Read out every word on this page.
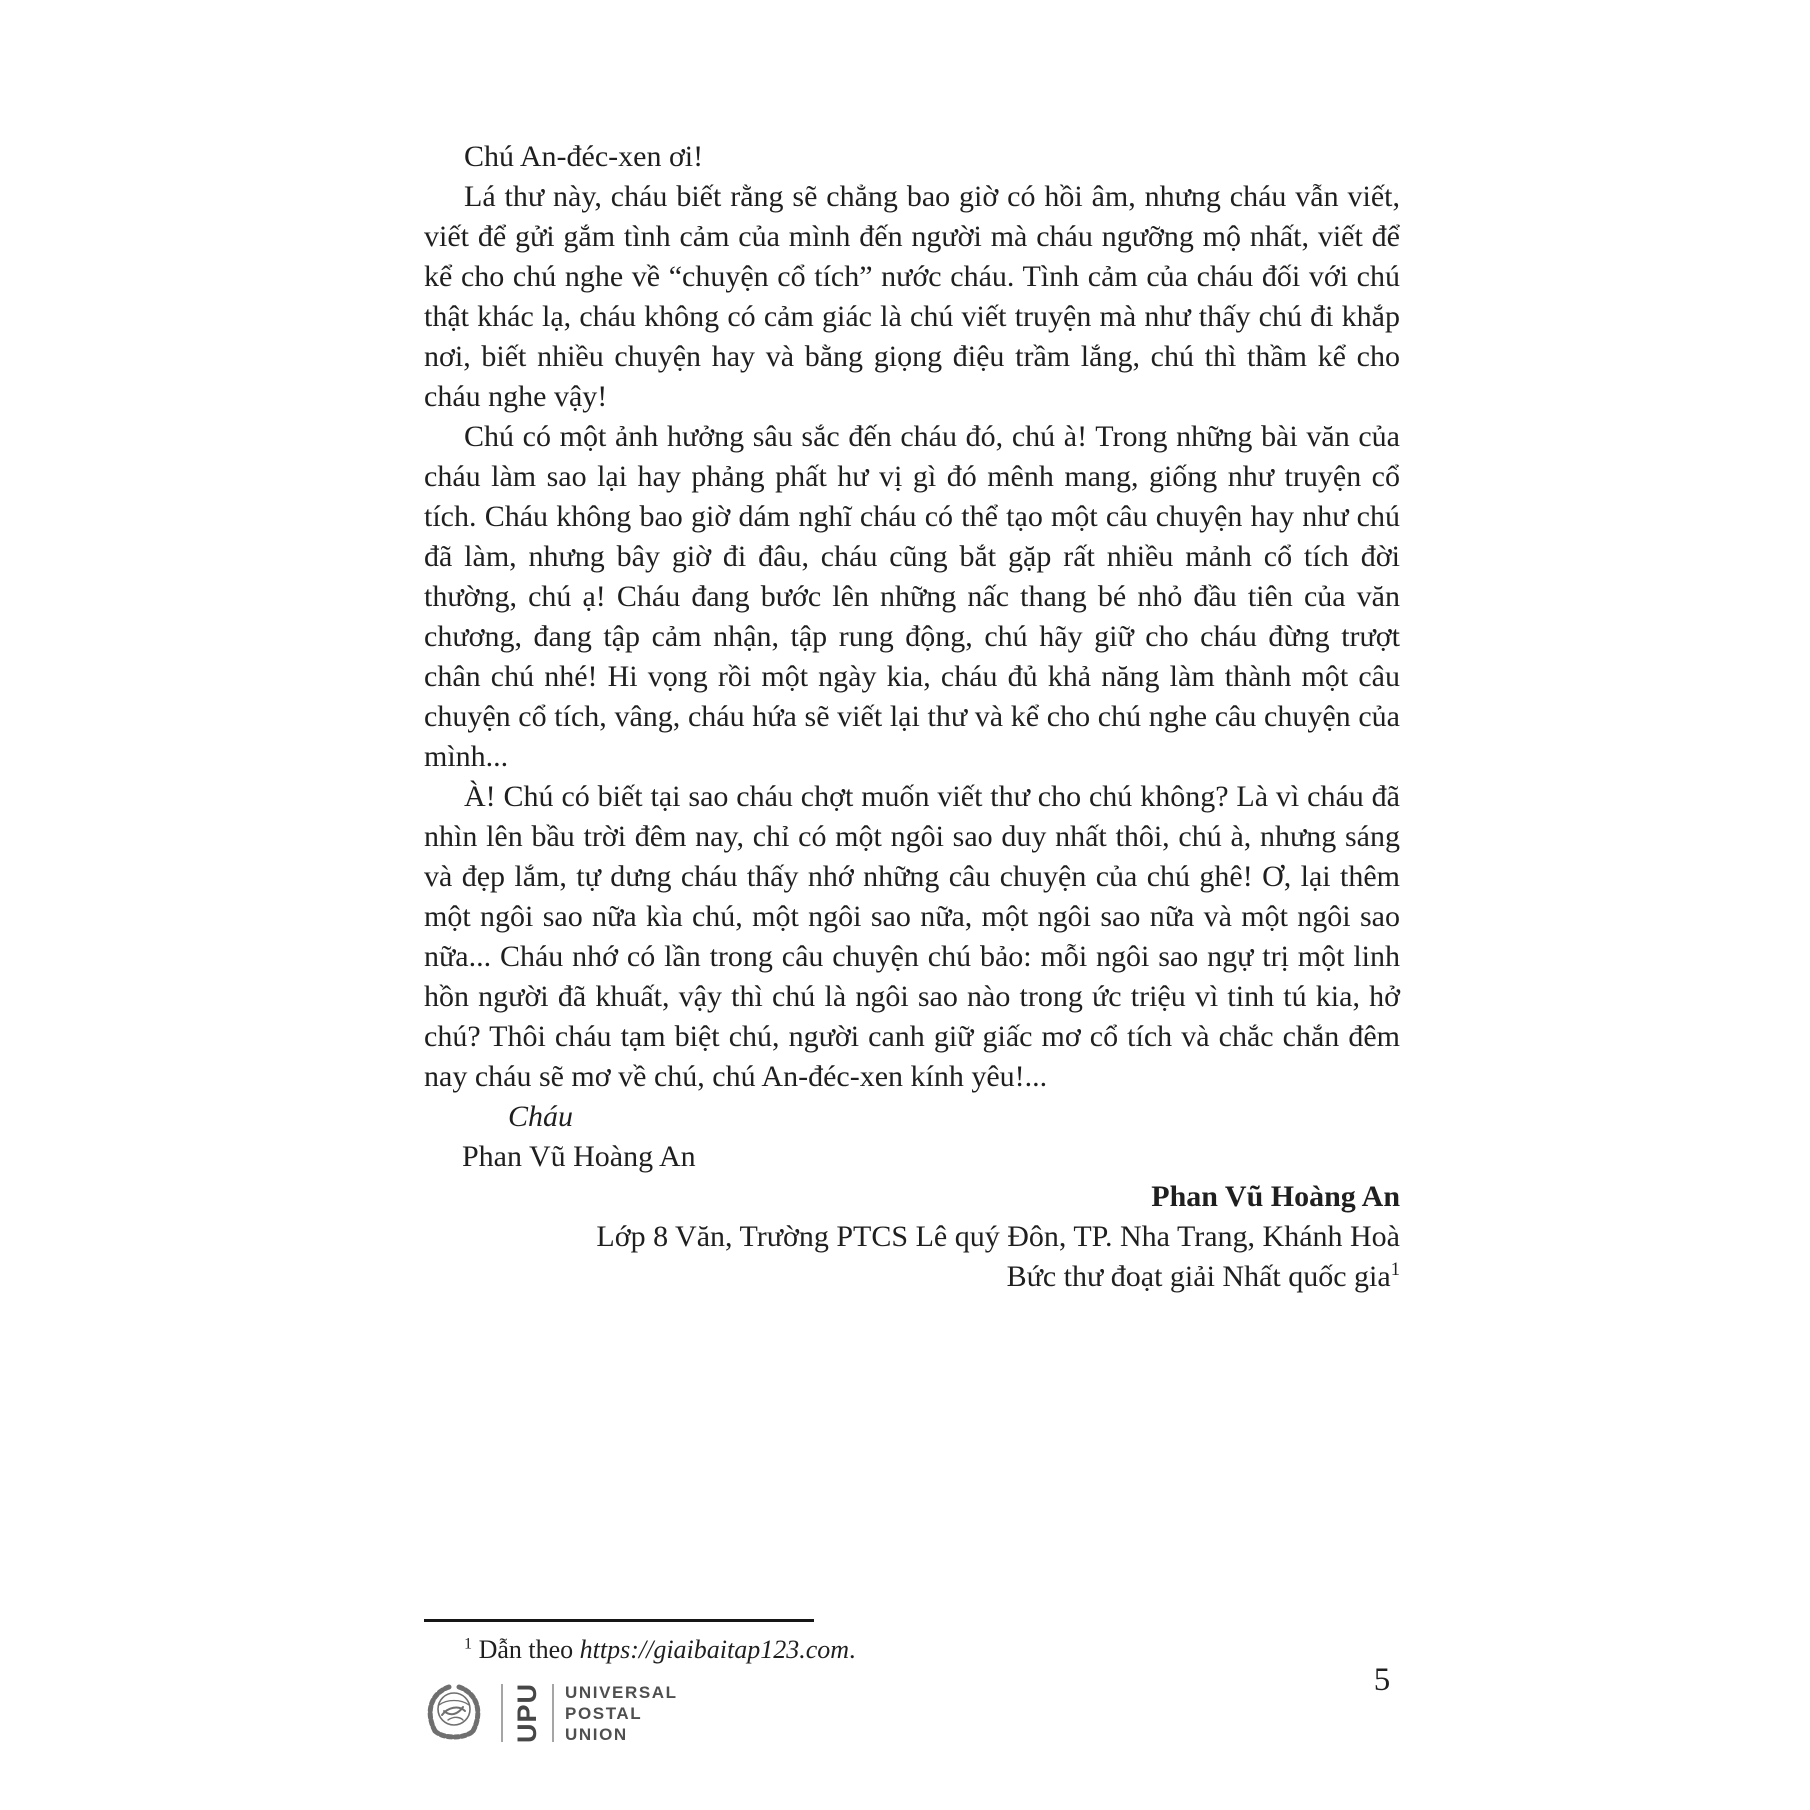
Chú An-đéc-xen ơi!

Lá thư này, cháu biết rằng sẽ chẳng bao giờ có hồi âm, nhưng cháu vẫn viết, viết để gửi gắm tình cảm của mình đến người mà cháu ngưỡng mộ nhất, viết để kể cho chú nghe về “chuyện cổ tích” nước cháu. Tình cảm của cháu đối với chú thật khác lạ, cháu không có cảm giác là chú viết truyện mà như thấy chú đi khắp nơi, biết nhiều chuyện hay và bằng giọng điệu trầm lắng, chú thì thầm kể cho cháu nghe vậy!

Chú có một ảnh hưởng sâu sắc đến cháu đó, chú à! Trong những bài văn của cháu làm sao lại hay phảng phất hư vị gì đó mênh mang, giống như truyện cổ tích. Cháu không bao giờ dám nghĩ cháu có thể tạo một câu chuyện hay như chú đã làm, nhưng bây giờ đi đâu, cháu cũng bắt gặp rất nhiều mảnh cổ tích đời thường, chú ạ! Cháu đang bước lên những nấc thang bé nhỏ đầu tiên của văn chương, đang tập cảm nhận, tập rung động, chú hãy giữ cho cháu đừng trượt chân chú nhé! Hi vọng rồi một ngày kia, cháu đủ khả năng làm thành một câu chuyện cổ tích, vâng, cháu hứa sẽ viết lại thư và kể cho chú nghe câu chuyện của mình...

À! Chú có biết tại sao cháu chợt muốn viết thư cho chú không? Là vì cháu đã nhìn lên bầu trời đêm nay, chỉ có một ngôi sao duy nhất thôi, chú à, nhưng sáng và đẹp lắm, tự dưng cháu thấy nhớ những câu chuyện của chú ghê! Ơ, lại thêm một ngôi sao nữa kìa chú, một ngôi sao nữa, một ngôi sao nữa và một ngôi sao nữa... Cháu nhớ có lần trong câu chuyện chú bảo: mỗi ngôi sao ngự trị một linh hồn người đã khuất, vậy thì chú là ngôi sao nào trong ức triệu vì tinh tú kia, hở chú? Thôi cháu tạm biệt chú, người canh giữ giấc mơ cổ tích và chắc chắn đêm nay cháu sẽ mơ về chú, chú An-đéc-xen kính yêu!...

Cháu

Phan Vũ Hoàng An

Phan Vũ Hoàng An

Lớp 8 Văn, Trường PTCS Lê quý Đôn, TP. Nha Trang, Khánh Hoà

Bức thư đoạt giải Nhất quốc gia$^1$

$^1$ Dẫn theo https://giaibaitap123.com.
UPU UNIVERSAL
POSTAL
UNION
5
